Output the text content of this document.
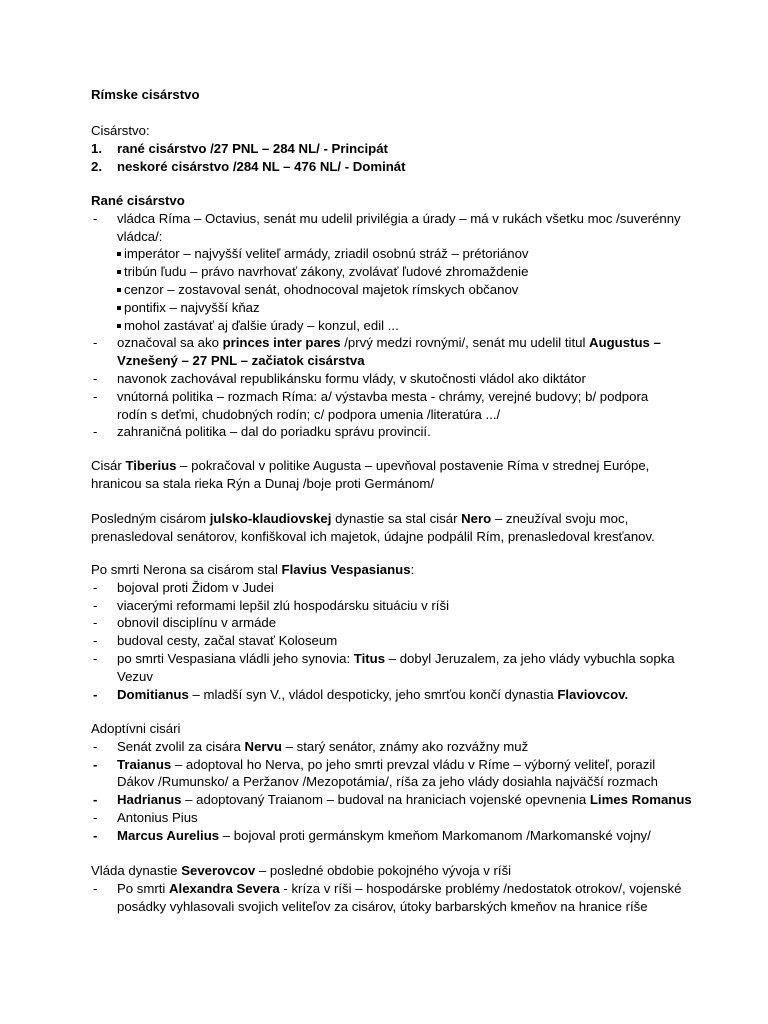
Rímske cisárstvo
Cisárstvo:
1. rané cisárstvo /27 PNL – 284 NL/ - Principát
2. neskoré cisárstvo /284 NL – 476 NL/ - Dominát
Rané cisárstvo
- vládca Ríma – Octavius, senát mu udelil privilégia a úrady – má v rukách všetku moc /suverénny
vládca/:
imperátor – najvyšší veliteľ armády, zriadil osobnú stráž – prétoriánov
tribún ľudu – právo navrhovať zákony, zvolávať ľudové zhromaždenie
cenzor – zostavoval senát, ohodnocoval majetok rímskych občanov
pontifix – najvyšší kňaz
mohol zastávať aj ďalšie úrady – konzul, edil ...
- označoval sa ako princes inter pares /prvý medzi rovnými/, senát mu udelil titul Augustus –
Vznešený – 27 PNL – začiatok cisárstva
- navonok zachovával republikánsku formu vlády, v skutočnosti vládol ako diktátor
- vnútorná politika – rozmach Ríma: a/ výstavba mesta - chrámy, verejné budovy; b/ podpora
rodín s deťmi, chudobných rodín; c/ podpora umenia /literatúra .../
- zahraničná politika – dal do poriadku správu provincií.
Cisár Tiberius – pokračoval v politike Augusta – upevňoval postavenie Ríma v strednej Európe,
hranicou sa stala rieka Rýn a Dunaj /boje proti Germánom/
Posledným cisárom julsko-klaudiovskej dynastie sa stal cisár Nero – zneužíval svoju moc,
prenasledoval senátorov, konfiškoval ich majetok, údajne podpálil Rím, prenasledoval kresťanov.
Po smrti Nerona sa cisárom stal Flavius Vespasianus:
- bojoval proti Židom v Judei
- viacerými reformami lepšil zlú hospodársku situáciu v ríši
- obnovil disciplínu v armáde
- budoval cesty, začal stavať Koloseum
- po smrti Vespasiana vládli jeho synovia: Titus – dobyl Jeruzalem, za jeho vlády vybuchla sopka
Vezuv
- Domitianus – mladší syn V., vládol despoticky, jeho smrťou končí dynastia Flaviovcov.
Adoptívni cisári
- Senát zvolil za cisára Nervu – starý senátor, známy ako rozvážny muž
- Traianus – adoptoval ho Nerva, po jeho smrti prevzal vládu v Ríme – výborný veliteľ, porazil
Dákov /Rumunsko/ a Peržanov /Mezopotámia/, ríša za jeho vlády dosiahla najväčší rozmach
- Hadrianus – adoptovaný Traianom – budoval na hraniciach vojenské opevnenia Limes Romanus
- Antonius Pius
- Marcus Aurelius – bojoval proti germánskym kmeňom Markomanom /Markomanské vojny/
Vláda dynastie Severovcov – posledné obdobie pokojného vývoja v ríši
- Po smrti Alexandra Severa - kríza v ríši – hospodárske problémy /nedostatok otrokov/, vojenské
posádky vyhlasovali svojich veliteľov za cisárov, útoky barbarských kmeňov na hranice ríše
